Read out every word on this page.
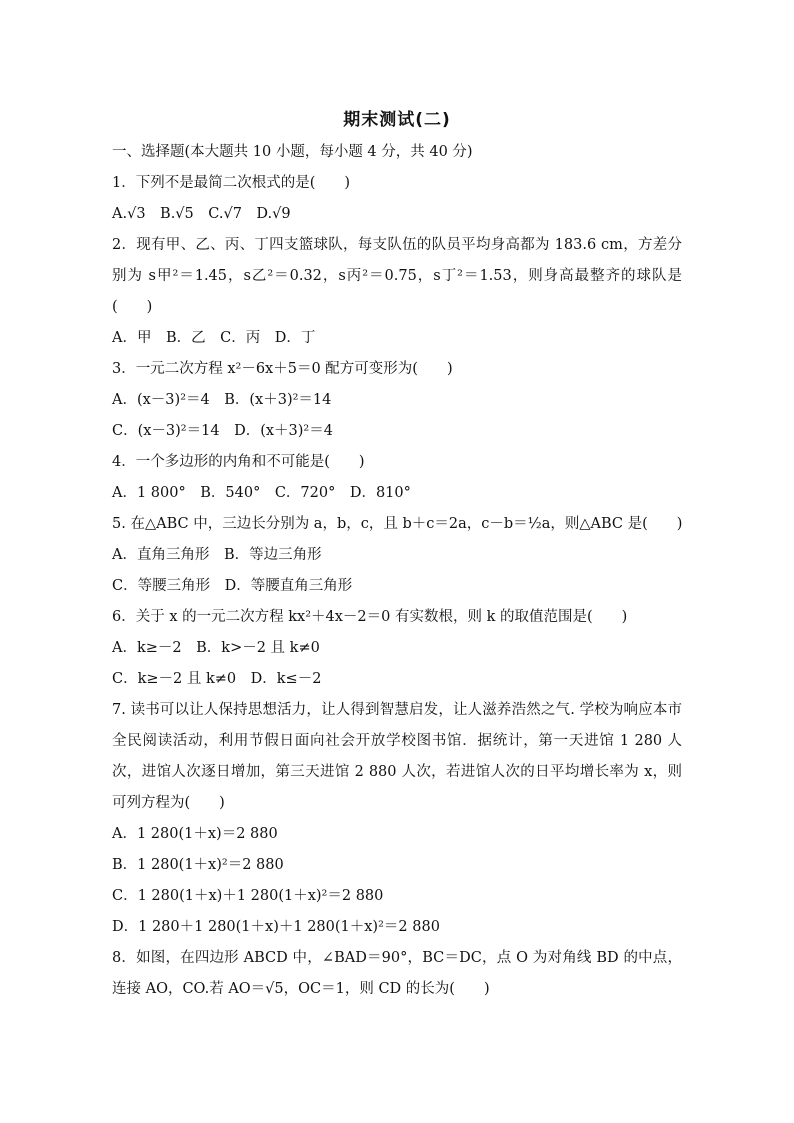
期末测试(二)
一、选择题(本大题共 10 小题，每小题 4 分，共 40 分)
1．下列不是最简二次根式的是(　　)
A.√3　B.√5　C.√7　D.√9
2．现有甲、乙、丙、丁四支篮球队，每支队伍的队员平均身高都为 183.6 cm，方差分别为 s甲²＝1.45，s乙²＝0.32，s丙²＝0.75，s丁²＝1.53，则身高最整齐的球队是(　　)
A．甲　B．乙　C．丙　D．丁
3．一元二次方程 x²－6x＋5＝0 配方可变形为(　　)
A．(x－3)²＝4　B．(x＋3)²＝14
C．(x－3)²＝14　D．(x＋3)²＝4
4．一个多边形的内角和不可能是(　　)
A．1 800°　B．540°　C．720°　D．810°
5. 在△ABC 中，三边长分别为 a，b，c，且 b＋c＝2a，c－b＝½a，则△ABC 是(　　)
A．直角三角形　B．等边三角形
C．等腰三角形　D．等腰直角三角形
6．关于 x 的一元二次方程 kx²＋4x－2＝0 有实数根，则 k 的取值范围是(　　)
A．k≥－2　B．k>－2 且 k≠0
C．k≥－2 且 k≠0　D．k≤－2
7. 读书可以让人保持思想活力，让人得到智慧启发，让人滋养浩然之气. 学校为响应本市全民阅读活动，利用节假日面向社会开放学校图书馆．据统计，第一天进馆 1 280 人次，进馆人次逐日增加，第三天进馆 2 880 人次，若进馆人次的日平均增长率为 x，则可列方程为(　　)
A．1 280(1＋x)＝2 880
B．1 280(1＋x)²＝2 880
C．1 280(1＋x)＋1 280(1＋x)²＝2 880
D．1 280＋1 280(1＋x)＋1 280(1＋x)²＝2 880
8．如图，在四边形 ABCD 中，∠BAD＝90°，BC＝DC，点 O 为对角线 BD 的中点，连接 AO，CO.若 AO＝√5，OC＝1，则 CD 的长为(　　)
